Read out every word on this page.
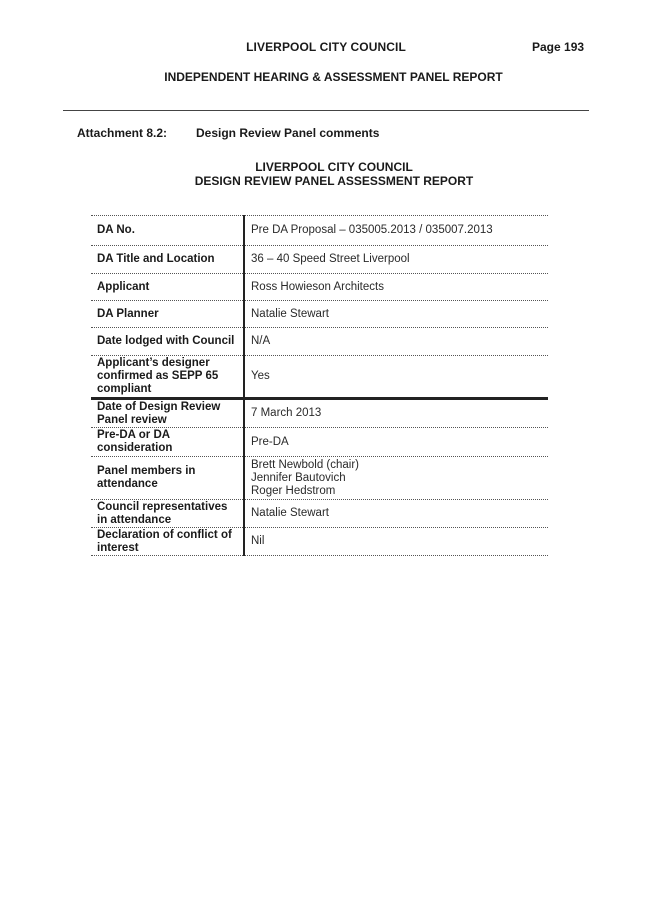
LIVERPOOL CITY COUNCIL	Page 193
INDEPENDENT HEARING & ASSESSMENT PANEL REPORT
Attachment 8.2: Design Review Panel comments
LIVERPOOL CITY COUNCIL
DESIGN REVIEW PANEL ASSESSMENT REPORT
DA No.	Pre DA Proposal – 035005.2013 / 035007.2013
DA Title and Location	36 – 40 Speed Street Liverpool
Applicant	Ross Howieson Architects
DA Planner	Natalie Stewart
Date lodged with Council	N/A
Applicant’s designer confirmed as SEPP 65 compliant	Yes
Date of Design Review Panel review	7 March 2013
Pre-DA or DA consideration	Pre-DA
Panel members in attendance	Brett Newbold (chair)
Jennifer Bautovich
Roger Hedstrom

Council representatives in attendance	Natalie Stewart
Declaration of conflict of interest	Nil
